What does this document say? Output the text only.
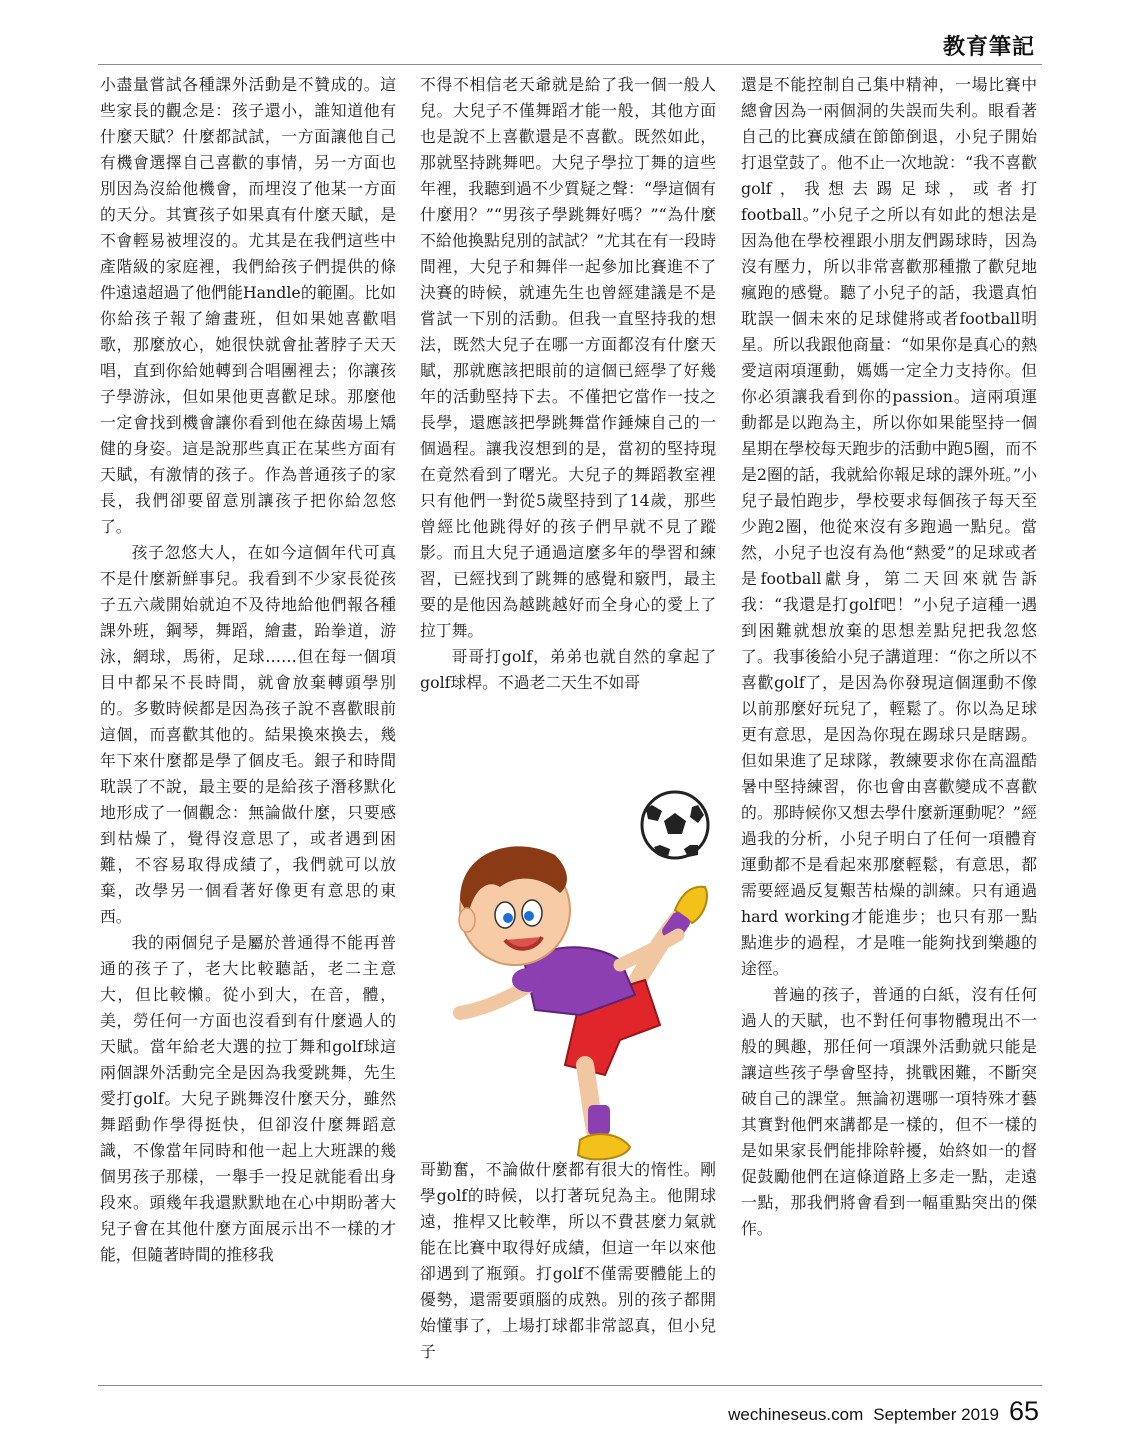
教育筆記

小盡量嘗試各種課外活動是不贊成的。這些家長的觀念是：孩子還小，誰知道他有什麼天賦？什麼都試試，一方面讓他自己有機會選擇自己喜歡的事情，另一方面也別因為沒給他機會，而埋沒了他某一方面的天分。其實孩子如果真有什麼天賦，是不會輕易被埋沒的。尤其是在我們這些中產階級的家庭裡，我們給孩子們提供的條件遠遠超過了他們能Handle的範圍。比如你給孩子報了繪畫班，但如果她喜歡唱歌，那麼放心，她很快就會扯著脖子天天唱，直到你給她轉到合唱團裡去；你讓孩子學游泳，但如果他更喜歡足球。那麼他一定會找到機會讓你看到他在綠茵場上矯健的身姿。這是說那些真正在某些方面有天賦，有激情的孩子。作為普通孩子的家長，我們卻要留意別讓孩子把你給忽悠了。

孩子忽悠大人，在如今這個年代可真不是什麼新鮮事兒。我看到不少家長從孩子五六歲開始就迫不及待地給他們報各種課外班，鋼琴，舞蹈，繪畫，跆拳道，游泳，網球，馬術，足球……但在每一個項目中都呆不長時間，就會放棄轉頭學別的。多數時候都是因為孩子說不喜歡眼前這個，而喜歡其他的。結果換來換去，幾年下來什麼都是學了個皮毛。銀子和時間耽誤了不說，最主要的是給孩子潛移默化地形成了一個觀念：無論做什麼，只要感到枯燥了，覺得沒意思了，或者遇到困難，不容易取得成績了，我們就可以放棄，改學另一個看著好像更有意思的東西。

我的兩個兒子是屬於普通得不能再普通的孩子了，老大比較聽話，老二主意大，但比較懶。從小到大，在音，體，美，勞任何一方面也沒看到有什麼過人的天賦。當年給老大選的拉丁舞和golf球這兩個課外活動完全是因為我愛跳舞，先生愛打golf。大兒子跳舞沒什麼天分，雖然舞蹈動作學得挺快，但卻沒什麼舞蹈意識，不像當年同時和他一起上大班課的幾個男孩子那樣，一舉手一投足就能看出身段來。頭幾年我還默默地在心中期盼著大兒子會在其他什麼方面展示出不一樣的才能，但隨著時間的推移我

不得不相信老天爺就是給了我一個一般人兒。大兒子不僅舞蹈才能一般，其他方面也是說不上喜歡還是不喜歡。既然如此，那就堅持跳舞吧。大兒子學拉丁舞的這些年裡，我聽到過不少質疑之聲：“學這個有什麼用？”“男孩子學跳舞好嗎？”“為什麼不給他換點兒別的試試？”尤其在有一段時間裡，大兒子和舞伴一起參加比賽進不了決賽的時候，就連先生也曾經建議是不是嘗試一下別的活動。但我一直堅持我的想法，既然大兒子在哪一方面都沒有什麼天賦，那就應該把眼前的這個已經學了好幾年的活動堅持下去。不僅把它當作一技之長學，還應該把學跳舞當作錘煉自己的一個過程。讓我沒想到的是，當初的堅持現在竟然看到了曙光。大兒子的舞蹈教室裡只有他們一對從5歲堅持到了14歲，那些曾經比他跳得好的孩子們早就不見了蹤影。而且大兒子通過這麼多年的學習和練習，已經找到了跳舞的感覺和竅門，最主要的是他因為越跳越好而全身心的愛上了拉丁舞。

哥哥打golf，弟弟也就自然的拿起了golf球桿。不過老二天生不如哥

哥勤奮，不論做什麼都有很大的惰性。剛學golf的時候，以打著玩兒為主。他開球遠，推桿又比較準，所以不費甚麼力氣就能在比賽中取得好成績，但這一年以來他卻遇到了瓶頸。打golf不僅需要體能上的優勢，還需要頭腦的成熟。別的孩子都開始懂事了，上場打球都非常認真，但小兒子

還是不能控制自己集中精神，一場比賽中總會因為一兩個洞的失誤而失利。眼看著自己的比賽成績在節節倒退，小兒子開始打退堂鼓了。他不止一次地說：“我不喜歡golf，我想去踢足球，或者打football。”小兒子之所以有如此的想法是因為他在學校裡跟小朋友們踢球時，因為沒有壓力，所以非常喜歡那種撒了歡兒地瘋跑的感覺。聽了小兒子的話，我還真怕耽誤一個未來的足球健將或者football明星。所以我跟他商量：“如果你是真心的熱愛這兩項運動，媽媽一定全力支持你。但你必須讓我看到你的passion。這兩項運動都是以跑為主，所以你如果能堅持一個星期在學校每天跑步的活動中跑5圈，而不是2圈的話，我就給你報足球的課外班。”小兒子最怕跑步，學校要求每個孩子每天至少跑2圈，他從來沒有多跑過一點兒。當然，小兒子也沒有為他“熱愛”的足球或者是football獻身，第二天回來就告訴我：“我還是打golf吧！”小兒子這種一遇到困難就想放棄的思想差點兒把我忽悠了。我事後給小兒子講道理：“你之所以不喜歡golf了，是因為你發現這個運動不像以前那麼好玩兒了，輕鬆了。你以為足球更有意思，是因為你現在踢球只是瞎踢。但如果進了足球隊，教練要求你在高溫酷暑中堅持練習，你也會由喜歡變成不喜歡的。那時候你又想去學什麼新運動呢？”經過我的分析，小兒子明白了任何一項體育運動都不是看起來那麼輕鬆，有意思，都需要經過反复艱苦枯燥的訓練。只有通過hard working才能進步；也只有那一點點進步的過程，才是唯一能夠找到樂趣的途徑。

普遍的孩子，普通的白紙，沒有任何過人的天賦，也不對任何事物體現出不一般的興趣，那任何一項課外活動就只能是讓這些孩子學會堅持，挑戰困難，不斷突破自己的課堂。無論初選哪一項特殊才藝其實對他們來講都是一樣的，但不一樣的是如果家長們能排除幹擾，始終如一的督促鼓勵他們在這條道路上多走一點，走遠一點，那我們將會看到一幅重點突出的傑作。

wechineseus.com September 2019 65
